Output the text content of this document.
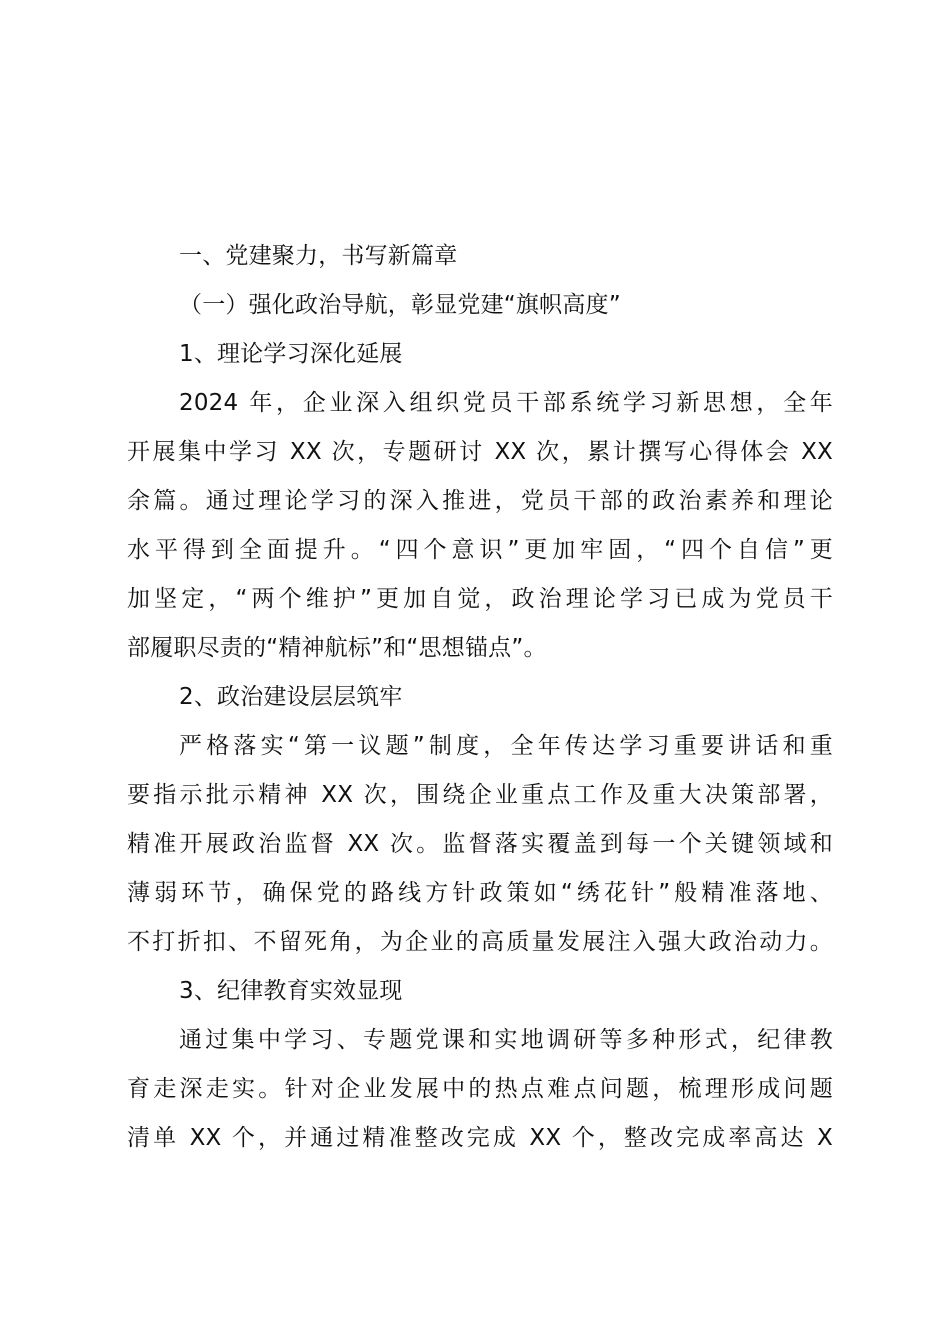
一、党建聚力，书写新篇章
（一）强化政治导航，彰显党建“旗帜高度”
1、理论学习深化延展
2024 年，企业深入组织党员干部系统学习新思想，全年
开展集中学习 XX 次，专题研讨 XX 次，累计撰写心得体会 XX
余篇。通过理论学习的深入推进，党员干部的政治素养和理论
水平得到全面提升。“四个意识”更加牢固，“四个自信”更
加坚定，“两个维护”更加自觉，政治理论学习已成为党员干
部履职尽责的“精神航标”和“思想锚点”。
2、政治建设层层筑牢
严格落实“第一议题”制度，全年传达学习重要讲话和重
要指示批示精神 XX 次，围绕企业重点工作及重大决策部署，
精准开展政治监督 XX 次。监督落实覆盖到每一个关键领域和
薄弱环节，确保党的路线方针政策如“绣花针”般精准落地、
不打折扣、不留死角，为企业的高质量发展注入强大政治动力。
3、纪律教育实效显现
通过集中学习、专题党课和实地调研等多种形式，纪律教
育走深走实。针对企业发展中的热点难点问题，梳理形成问题
清单 XX 个，并通过精准整改完成 XX 个，整改完成率高达 X
